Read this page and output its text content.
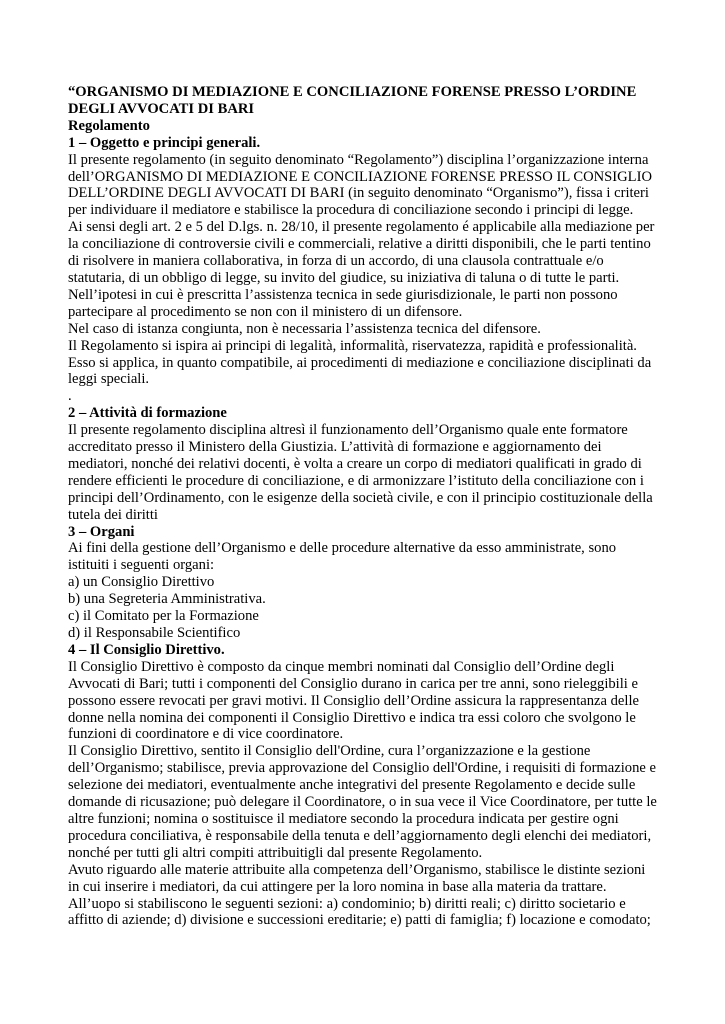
“ORGANISMO DI MEDIAZIONE E CONCILIAZIONE FORENSE PRESSO L’ORDINE DEGLI AVVOCATI DI BARI
Regolamento
1 – Oggetto e principi generali.

Il presente regolamento (in seguito denominato “Regolamento”) disciplina l’organizzazione interna dell’ORGANISMO DI MEDIAZIONE E CONCILIAZIONE FORENSE PRESSO IL CONSIGLIO DELL’ORDINE DEGLI AVVOCATI DI BARI (in seguito denominato “Organismo”), fissa i criteri per individuare il mediatore e stabilisce la procedura di conciliazione secondo i principi di legge.

Ai sensi degli art. 2 e 5 del D.lgs. n. 28/10, il presente regolamento é applicabile alla mediazione per la conciliazione di controversie civili e commerciali, relative a diritti disponibili, che le parti tentino di risolvere in maniera collaborativa, in forza di un accordo, di una clausola contrattuale e/o statutaria, di un obbligo di legge, su invito del giudice, su iniziativa di taluna o di tutte le parti.

Nell’ipotesi in cui è prescritta l’assistenza tecnica in sede giurisdizionale, le parti non possono partecipare al procedimento se non con il ministero di un difensore.

Nel caso di istanza congiunta, non è necessaria l’assistenza tecnica del difensore.

Il Regolamento si ispira ai principi di legalità, informalità, riservatezza, rapidità e professionalità. Esso si applica, in quanto compatibile, ai procedimenti di mediazione e conciliazione disciplinati da leggi speciali.

.

2 – Attività di formazione

Il presente regolamento disciplina altresì il funzionamento dell’Organismo quale ente formatore accreditato presso il Ministero della Giustizia. L’attività di formazione e aggiornamento dei mediatori, nonché dei relativi docenti, è volta a creare un corpo di mediatori qualificati in grado di rendere efficienti le procedure di conciliazione, e di armonizzare l’istituto della conciliazione con i principi dell’Ordinamento, con le esigenze della società civile, e con il principio costituzionale della tutela dei diritti

3 – Organi

Ai fini della gestione dell’Organismo e delle procedure alternative da esso amministrate, sono istituiti i seguenti organi:

a) un Consiglio Direttivo
b) una Segreteria Amministrativa.
c) il Comitato per la Formazione
d) il Responsabile Scientifico
4 – Il Consiglio Direttivo.

Il Consiglio Direttivo è composto da cinque membri nominati dal Consiglio dell’Ordine degli Avvocati di Bari; tutti i componenti del Consiglio durano in carica per tre anni, sono rieleggibili e possono essere revocati per gravi motivi. Il Consiglio dell’Ordine assicura la rappresentanza delle donne nella nomina dei componenti il Consiglio Direttivo e indica tra essi coloro che svolgono le funzioni di coordinatore e di vice coordinatore.

Il Consiglio Direttivo, sentito il Consiglio dell'Ordine, cura l’organizzazione e la gestione dell’Organismo; stabilisce, previa approvazione del Consiglio dell'Ordine, i requisiti di formazione e selezione dei mediatori, eventualmente anche integrativi del presente Regolamento e decide sulle domande di ricusazione; può delegare il Coordinatore, o in sua vece il Vice Coordinatore, per tutte le altre funzioni; nomina o sostituisce il mediatore secondo la procedura indicata per gestire ogni procedura conciliativa, è responsabile della tenuta e dell’aggiornamento degli elenchi dei mediatori, nonché per tutti gli altri compiti attribuitigli dal presente Regolamento.

Avuto riguardo alle materie attribuite alla competenza dell’Organismo, stabilisce le distinte sezioni in cui inserire i mediatori, da cui attingere per la loro nomina in base alla materia da trattare.

All’uopo si stabiliscono le seguenti sezioni: a) condominio; b) diritti reali; c) diritto societario e affitto di aziende; d) divisione e successioni ereditarie; e) patti di famiglia; f) locazione e comodato;
